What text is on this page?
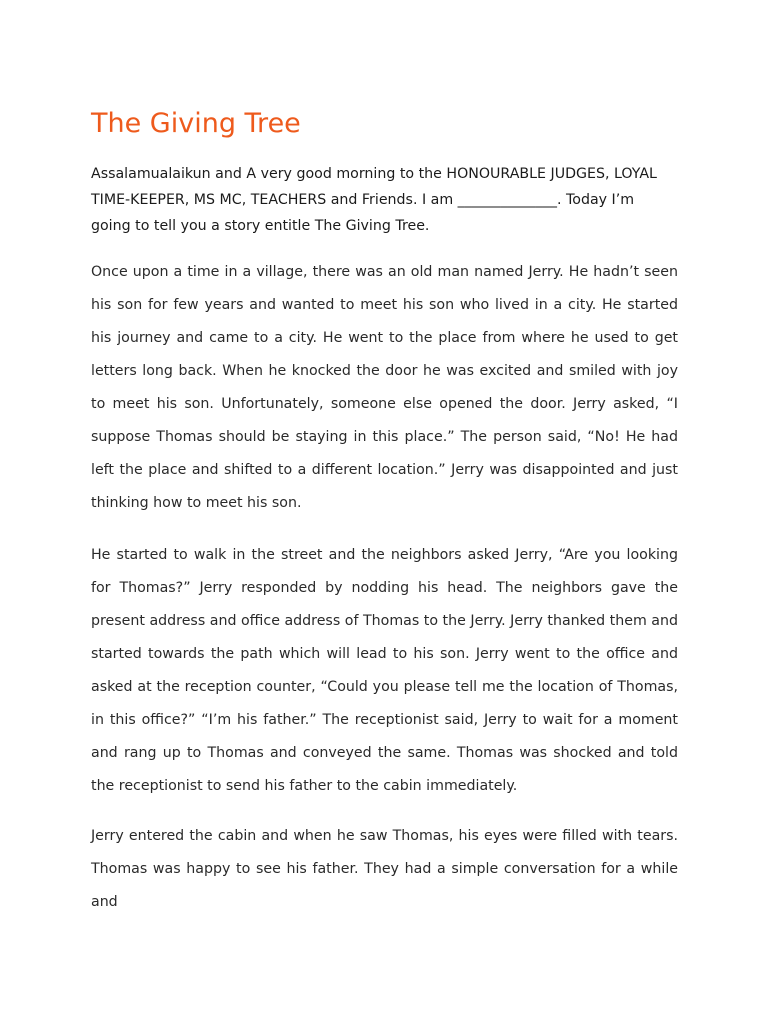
The Giving Tree

Assalamualaikun and A very good morning to the HONOURABLE JUDGES, LOYAL TIME-KEEPER, MS MC, TEACHERS and Friends. I am ______________. Today I’m going to tell you a story entitle The Giving Tree.

Once upon a time in a village, there was an old man named Jerry. He hadn’t seen his son for few years and wanted to meet his son who lived in a city. He started his journey and came to a city. He went to the place from where he used to get letters long back. When he knocked the door he was excited and smiled with joy to meet his son. Unfortunately, someone else opened the door. Jerry asked, “I suppose Thomas should be staying in this place.” The person said, “No! He had left the place and shifted to a different location.” Jerry was disappointed and just thinking how to meet his son.

He started to walk in the street and the neighbors asked Jerry, “Are you looking for Thomas?” Jerry responded by nodding his head. The neighbors gave the present address and office address of Thomas to the Jerry. Jerry thanked them and started towards the path which will lead to his son. Jerry went to the office and asked at the reception counter, “Could you please tell me the location of Thomas, in this office?” “I’m his father.” The receptionist said, Jerry to wait for a moment and rang up to Thomas and conveyed the same. Thomas was shocked and told the receptionist to send his father to the cabin immediately.

Jerry entered the cabin and when he saw Thomas, his eyes were filled with tears. Thomas was happy to see his father. They had a simple conversation for a while and
